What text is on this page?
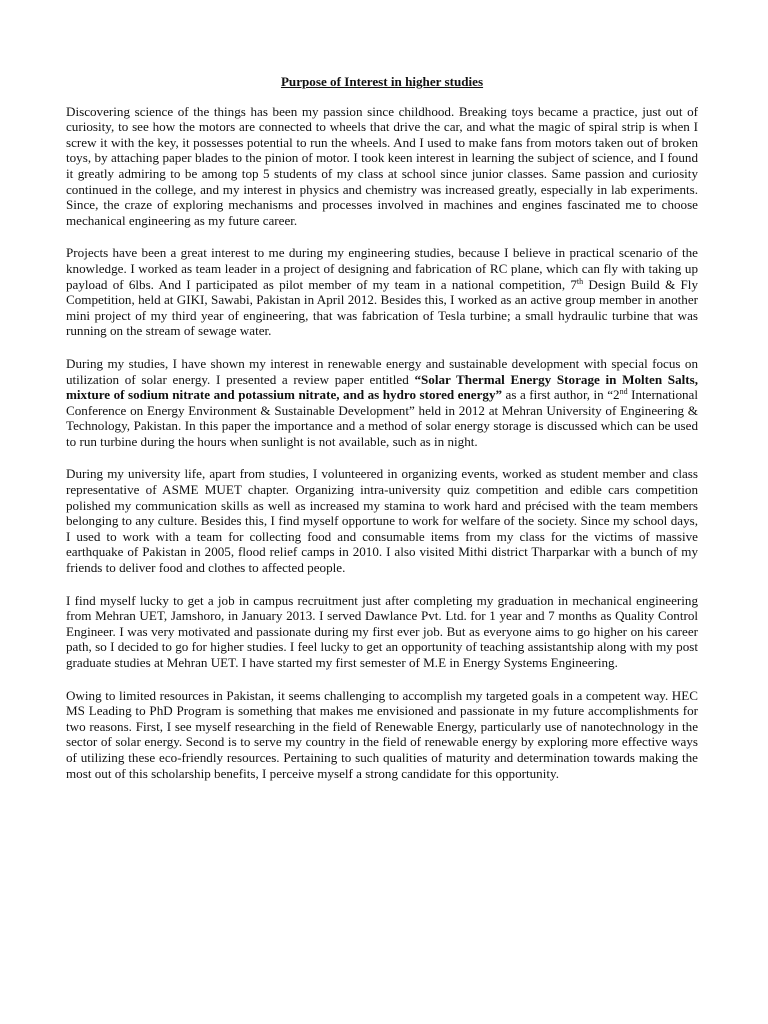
Purpose of Interest in higher studies

Discovering science of the things has been my passion since childhood. Breaking toys became a practice, just out of curiosity, to see how the motors are connected to wheels that drive the car, and what the magic of spiral strip is when I screw it with the key, it possesses potential to run the wheels. And I used to make fans from motors taken out of broken toys, by attaching paper blades to the pinion of motor. I took keen interest in learning the subject of science, and I found it greatly admiring to be among top 5 students of my class at school since junior classes. Same passion and curiosity continued in the college, and my interest in physics and chemistry was increased greatly, especially in lab experiments. Since, the craze of exploring mechanisms and processes involved in machines and engines fascinated me to choose mechanical engineering as my future career.

Projects have been a great interest to me during my engineering studies, because I believe in practical scenario of the knowledge. I worked as team leader in a project of designing and fabrication of RC plane, which can fly with taking up payload of 6lbs. And I participated as pilot member of my team in a national competition, 7th Design Build & Fly Competition, held at GIKI, Sawabi, Pakistan in April 2012. Besides this, I worked as an active group member in another mini project of my third year of engineering, that was fabrication of Tesla turbine; a small hydraulic turbine that was running on the stream of sewage water.

During my studies, I have shown my interest in renewable energy and sustainable development with special focus on utilization of solar energy. I presented a review paper entitled “Solar Thermal Energy Storage in Molten Salts, mixture of sodium nitrate and potassium nitrate, and as hydro stored energy” as a first author, in “2nd International Conference on Energy Environment & Sustainable Development” held in 2012 at Mehran University of Engineering & Technology, Pakistan. In this paper the importance and a method of solar energy storage is discussed which can be used to run turbine during the hours when sunlight is not available, such as in night.

During my university life, apart from studies, I volunteered in organizing events, worked as student member and class representative of ASME MUET chapter. Organizing intra-university quiz competition and edible cars competition polished my communication skills as well as increased my stamina to work hard and précised with the team members belonging to any culture. Besides this, I find myself opportune to work for welfare of the society. Since my school days, I used to work with a team for collecting food and consumable items from my class for the victims of massive earthquake of Pakistan in 2005, flood relief camps in 2010. I also visited Mithi district Tharparkar with a bunch of my friends to deliver food and clothes to affected people.

I find myself lucky to get a job in campus recruitment just after completing my graduation in mechanical engineering from Mehran UET, Jamshoro, in January 2013. I served Dawlance Pvt. Ltd. for 1 year and 7 months as Quality Control Engineer. I was very motivated and passionate during my first ever job. But as everyone aims to go higher on his career path, so I decided to go for higher studies. I feel lucky to get an opportunity of teaching assistantship along with my post graduate studies at Mehran UET. I have started my first semester of M.E in Energy Systems Engineering.

Owing to limited resources in Pakistan, it seems challenging to accomplish my targeted goals in a competent way. HEC MS Leading to PhD Program is something that makes me envisioned and passionate in my future accomplishments for two reasons. First, I see myself researching in the field of Renewable Energy, particularly use of nanotechnology in the sector of solar energy. Second is to serve my country in the field of renewable energy by exploring more effective ways of utilizing these eco-friendly resources. Pertaining to such qualities of maturity and determination towards making the most out of this scholarship benefits, I perceive myself a strong candidate for this opportunity.
